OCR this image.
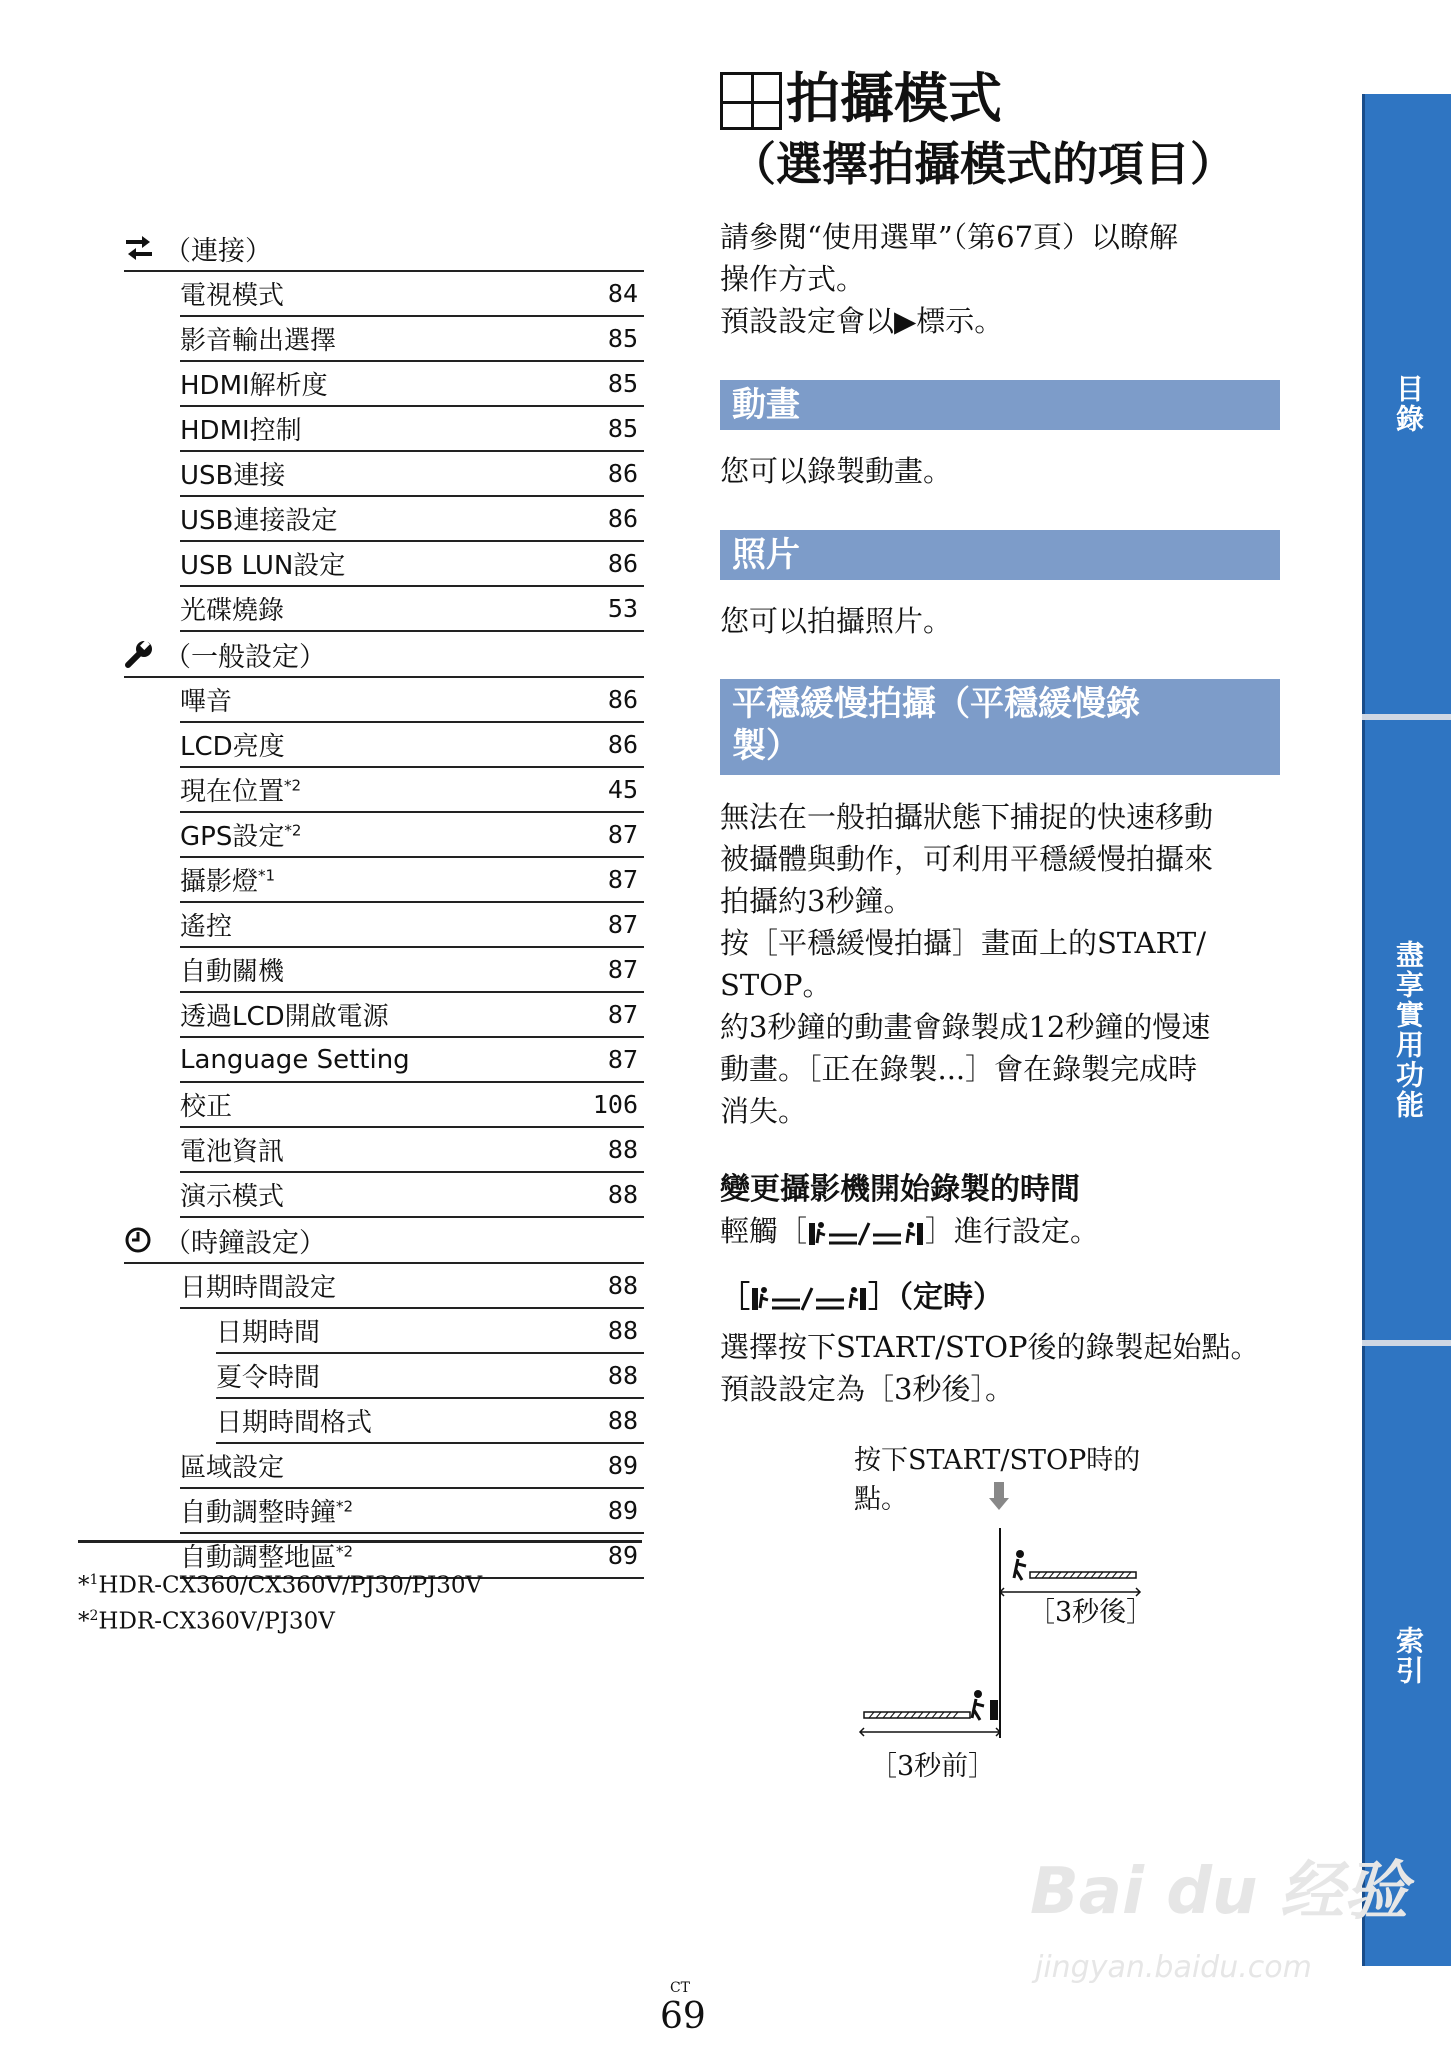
（連接）
電視模式	84
影音輸出選擇	85
HDMI解析度	85
HDMI控制	85
USB連接	86
USB連接設定	86
USB LUN設定	86
光碟燒錄	53
（一般設定）
嗶音	86
LCD亮度	86
現在位置$^{*2}$	45
GPS設定$^{*2}$	87
攝影燈$^{*1}$	87
遙控	87
自動關機	87
透過LCD開啟電源	87
Language Setting	87
校正	106
電池資訊	88
演示模式	88
（時鐘設定）
日期時間設定	88
日期時間	88
夏令時間	88
日期時間格式	88
區域設定	89
自動調整時鐘$^{*2}$	89
自動調整地區$^{*2}$	89
*$^1$HDR-CX360/CX360V/PJ30/PJ30V
*$^2$HDR-CX360V/PJ30V
拍攝模式
（選擇拍攝模式的項目）
請參閱“使用選單”（第67頁）以瞭解
操作方式。
預設設定會以▶標示。
動畫
您可以錄製動畫。
照片
您可以拍攝照片。
平穩緩慢拍攝（平穩緩慢錄
製）
無法在一般拍攝狀態下捕捉的快速移動
被攝體與動作，可利用平穩緩慢拍攝來
拍攝約3秒鐘。
按［平穩緩慢拍攝］畫面上的START/
STOP。
約3秒鐘的動畫會錄製成12秒鐘的慢速
動畫。［正在錄製...］會在錄製完成時
消失。
變更攝影機開始錄製的時間
輕觸［	］進行設定。
［	］（定時）
選擇按下START/STOP後的錄製起始點。
預設設定為［3秒後］。
按下START/STOP時的點。
［3秒後］
［3秒前］
目錄
盡享實用功能
索引
Bai du 经验
jingyan.baidu.com
CT
69
